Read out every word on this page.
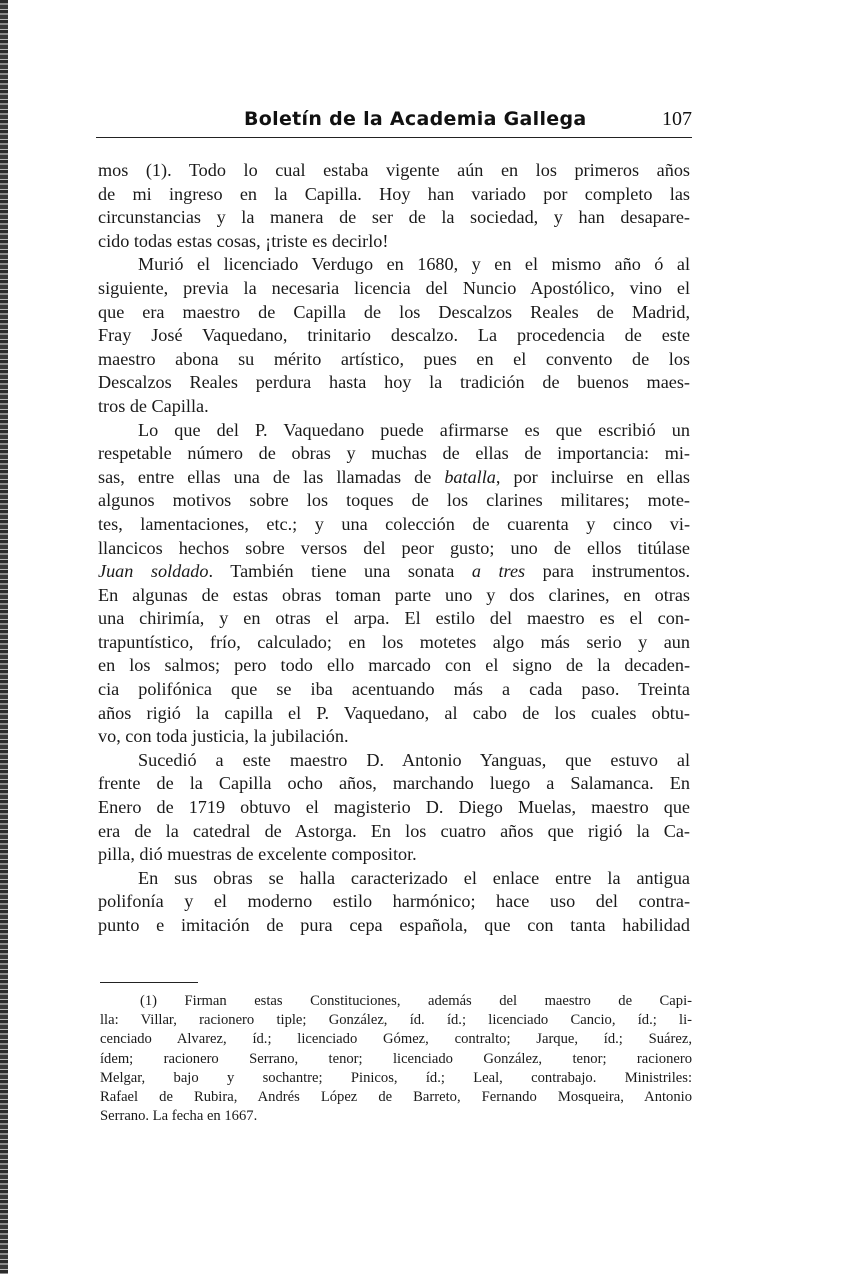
Boletín de la Academia Gallega	107
mos (1). Todo lo cual estaba vigente aún en los primeros años
de mi ingreso en la Capilla. Hoy han variado por completo las
circunstancias y la manera de ser de la sociedad, y han desapare-
cido todas estas cosas, ¡triste es decirlo!
Murió el licenciado Verdugo en 1680, y en el mismo año ó al
siguiente, previa la necesaria licencia del Nuncio Apostólico, vino el
que era maestro de Capilla de los Descalzos Reales de Madrid,
Fray José Vaquedano, trinitario descalzo. La procedencia de este
maestro abona su mérito artístico, pues en el convento de los
Descalzos Reales perdura hasta hoy la tradición de buenos maes-
tros de Capilla.
Lo que del P. Vaquedano puede afirmarse es que escribió un
respetable número de obras y muchas de ellas de importancia: mi-
sas, entre ellas una de las llamadas de batalla, por incluirse en ellas
algunos motivos sobre los toques de los clarines militares; mote-
tes, lamentaciones, etc.; y una colección de cuarenta y cinco vi-
llancicos hechos sobre versos del peor gusto; uno de ellos titúlase
Juan soldado. También tiene una sonata a tres para instrumentos.
En algunas de estas obras toman parte uno y dos clarines, en otras
una chirimía, y en otras el arpa. El estilo del maestro es el con-
trapuntístico, frío, calculado; en los motetes algo más serio y aun
en los salmos; pero todo ello marcado con el signo de la decaden-
cia polifónica que se iba acentuando más a cada paso. Treinta
años rigió la capilla el P. Vaquedano, al cabo de los cuales obtu-
vo, con toda justicia, la jubilación.
Sucedió a este maestro D. Antonio Yanguas, que estuvo al
frente de la Capilla ocho años, marchando luego a Salamanca. En
Enero de 1719 obtuvo el magisterio D. Diego Muelas, maestro que
era de la catedral de Astorga. En los cuatro años que rigió la Ca-
pilla, dió muestras de excelente compositor.
En sus obras se halla caracterizado el enlace entre la antigua
polifonía y el moderno estilo harmónico; hace uso del contra-
punto e imitación de pura cepa española, que con tanta habilidad
(1) Firman estas Constituciones, además del maestro de Capi-
lla: Villar, racionero tiple; González, íd. íd.; licenciado Cancio, íd.; li-
cenciado Alvarez, íd.; licenciado Gómez, contralto; Jarque, íd.; Suárez,
ídem; racionero Serrano, tenor; licenciado González, tenor; racionero
Melgar, bajo y sochantre; Pinicos, íd.; Leal, contrabajo. Ministriles:
Rafael de Rubira, Andrés López de Barreto, Fernando Mosqueira, Antonio
Serrano. La fecha en 1667.
